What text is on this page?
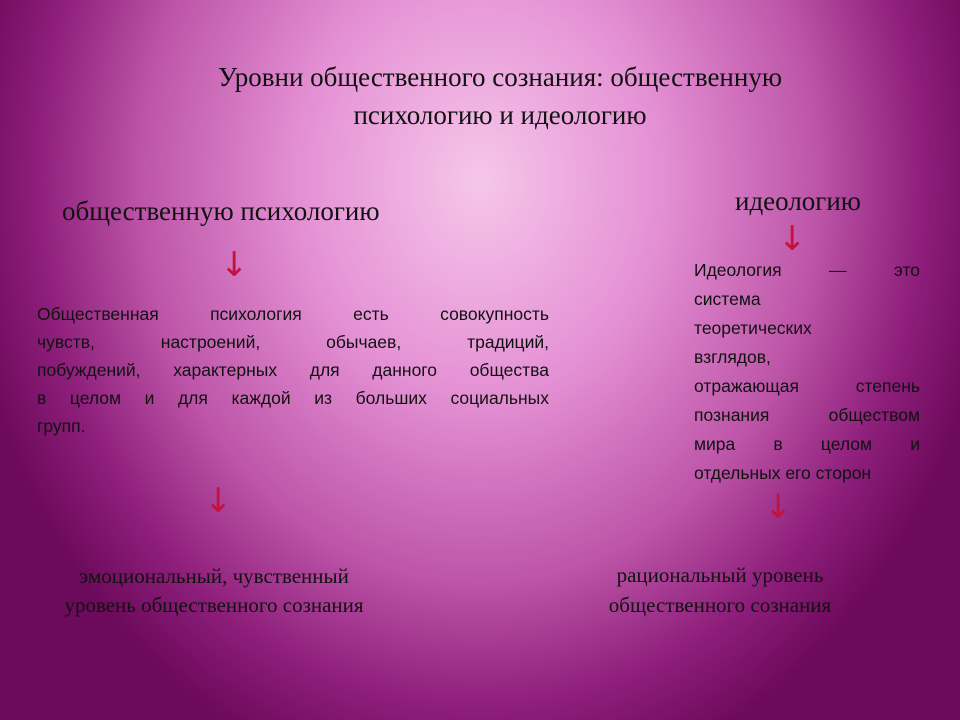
Уровни общественного сознания: общественную
психологию и идеологию
общественную психологию
↓
Общественная психология есть совокупность
чувств, настроений, обычаев, традиций,
побуждений, характерных для данного общества
в целом и для каждой из больших социальных
групп.
↓
эмоциональный, чувственный
уровень общественного сознания
идеологию
↓
Идеология — это
система
теоретических
взглядов,
отражающая степень
познания обществом
мира в целом и
отдельных его сторон
↓
рациональный уровень
общественного сознания
